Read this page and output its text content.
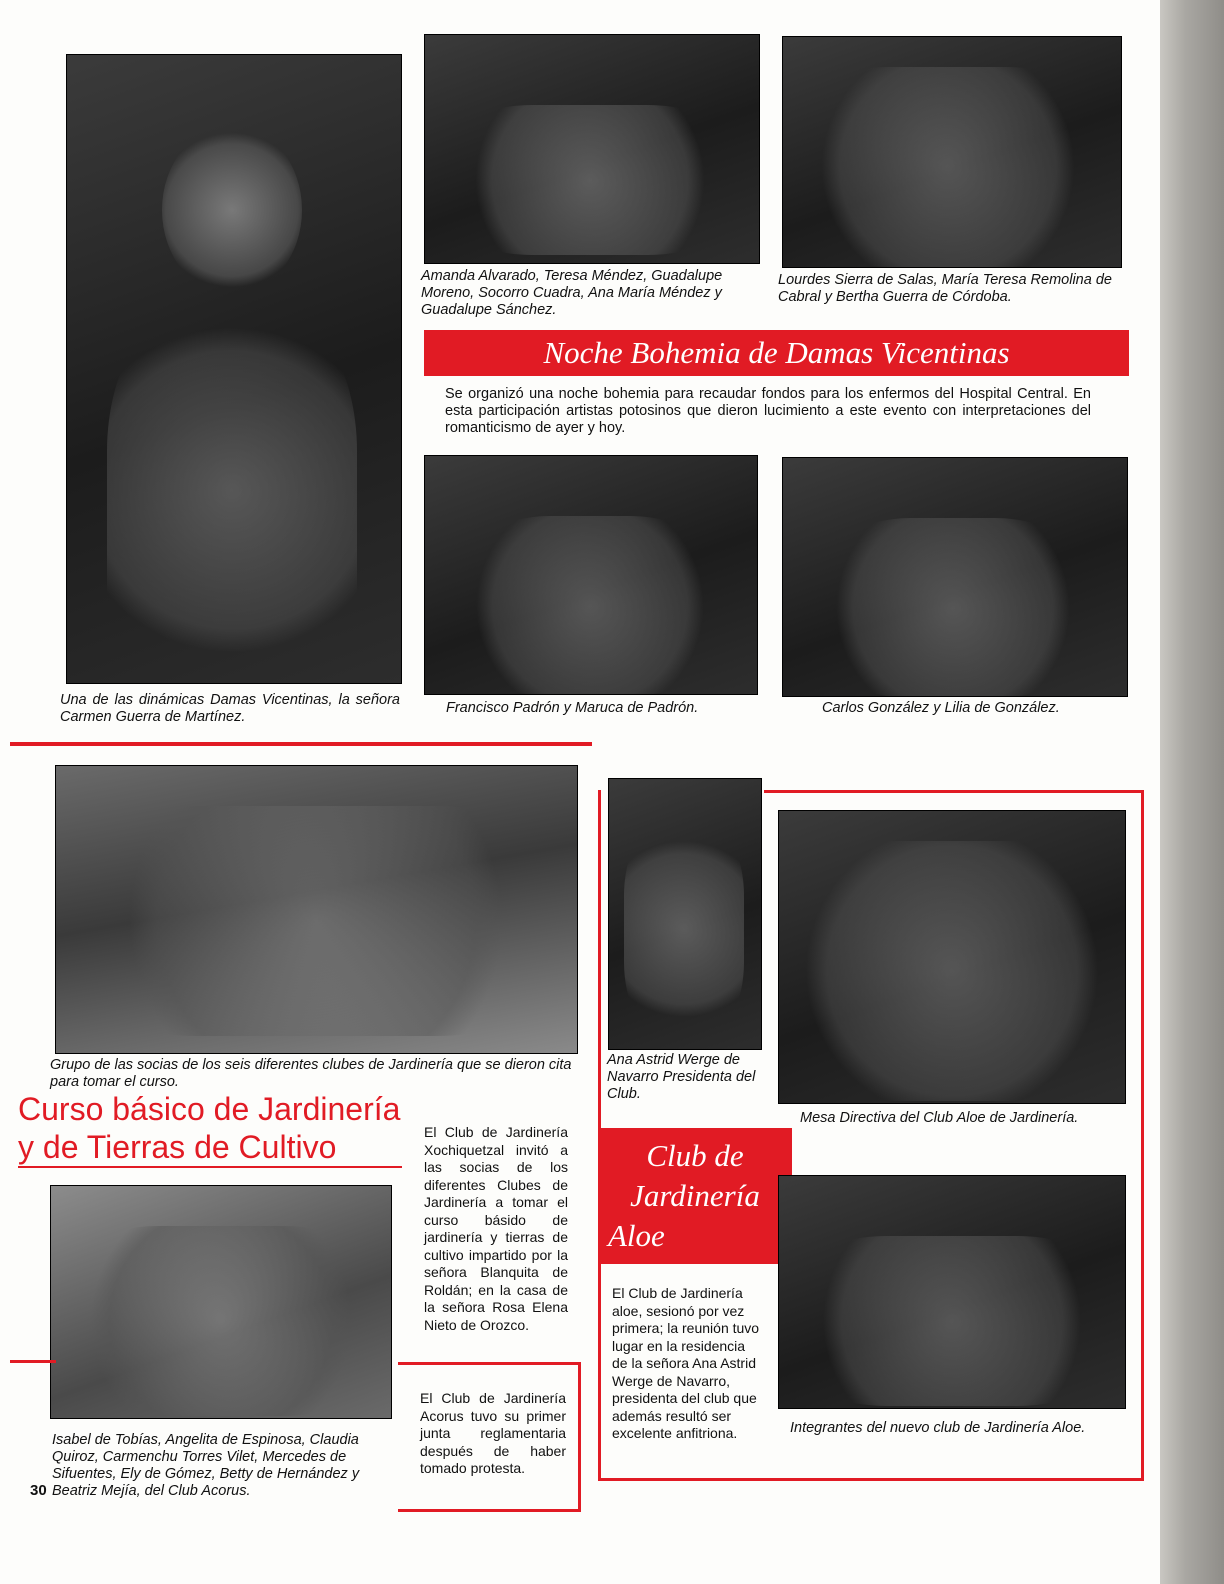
Una de las dinámicas Damas Vicentinas, la señora Carmen Guerra de Martínez.
Amanda Alvarado, Teresa Méndez, Guadalupe Moreno, Socorro Cuadra, Ana María Méndez y Guadalupe Sánchez.
Lourdes Sierra de Salas, María Teresa Remolina de Cabral y Bertha Guerra de Córdoba.
Noche Bohemia de Damas Vicentinas
Se organizó una noche bohemia para recaudar fondos para los enfermos del Hospital Central. En esta participación artistas potosinos que dieron lucimiento a este evento con interpretaciones del romanticismo de ayer y hoy.
Francisco Padrón y Maruca de Padrón.	Carlos González y Lilia de González.
Grupo de las socias de los seis diferentes clubes de Jardinería que se dieron cita para tomar el curso.
Curso básico de Jardinería
y de Tierras de Cultivo	El Club de Jardinería Xochiquetzal invitó a las socias de los diferentes Clubes de Jardinería a tomar el curso básido de jardinería y tierras de cultivo impartido por la señora Blanquita de Roldán; en la casa de la señora Rosa Elena Nieto de Orozco.
Isabel de Tobías, Angelita de Espinosa, Claudia Quiroz, Carmenchu Torres Vilet, Mercedes de Sifuentes, Ely de Gómez, Betty de Hernández y Beatriz Mejía, del Club Acorus.
30
El Club de Jardinería Acorus tuvo su primer junta reglamentaria después de haber tomado protesta.
Ana Astrid Werge de Navarro Presidenta del Club.
Mesa Directiva del Club Aloe de Jardinería.
Club de
Jardinería
Aloe
El Club de Jardinería aloe, sesionó por vez primera; la reunión tuvo lugar en la residencia de la señora Ana Astrid Werge de Navarro, presidenta del club que además resultó ser excelente anfitriona.	Integrantes del nuevo club de Jardinería Aloe.
